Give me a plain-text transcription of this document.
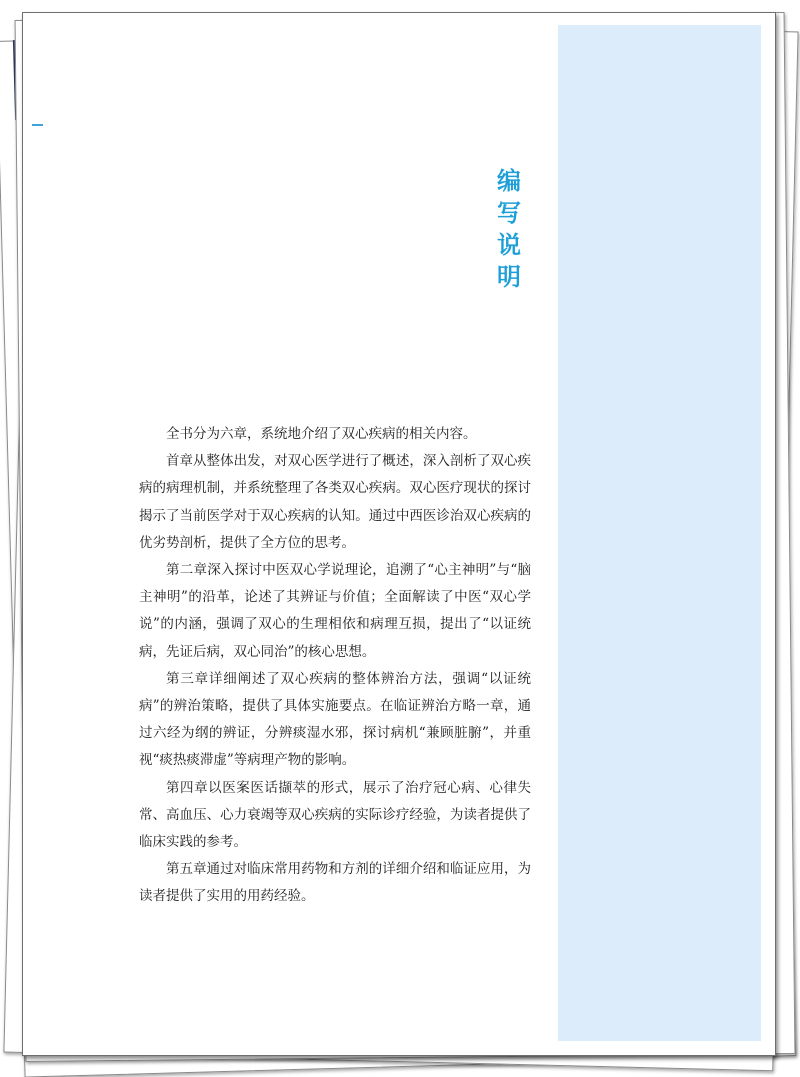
编
写
说
明

全书分为六章，系统地介绍了双心疾病的相关内容。

首章从整体出发，对双心医学进行了概述，深入剖析了双心疾病的病理机制，并系统整理了各类双心疾病。双心医疗现状的探讨揭示了当前医学对于双心疾病的认知。通过中西医诊治双心疾病的优劣势剖析，提供了全方位的思考。

第二章深入探讨中医双心学说理论，追溯了“心主神明”与“脑主神明”的沿革，论述了其辨证与价值；全面解读了中医“双心学说”的内涵，强调了双心的生理相依和病理互损，提出了“以证统病，先证后病，双心同治”的核心思想。

第三章详细阐述了双心疾病的整体辨治方法，强调“以证统病”的辨治策略，提供了具体实施要点。在临证辨治方略一章，通过六经为纲的辨证，分辨痰湿水邪，探讨病机“兼顾脏腑”，并重视“痰热痰滞虚”等病理产物的影响。

第四章以医案医话撷萃的形式，展示了治疗冠心病、心律失常、高血压、心力衰竭等双心疾病的实际诊疗经验，为读者提供了临床实践的参考。

第五章通过对临床常用药物和方剂的详细介绍和临证应用，为读者提供了实用的用药经验。
